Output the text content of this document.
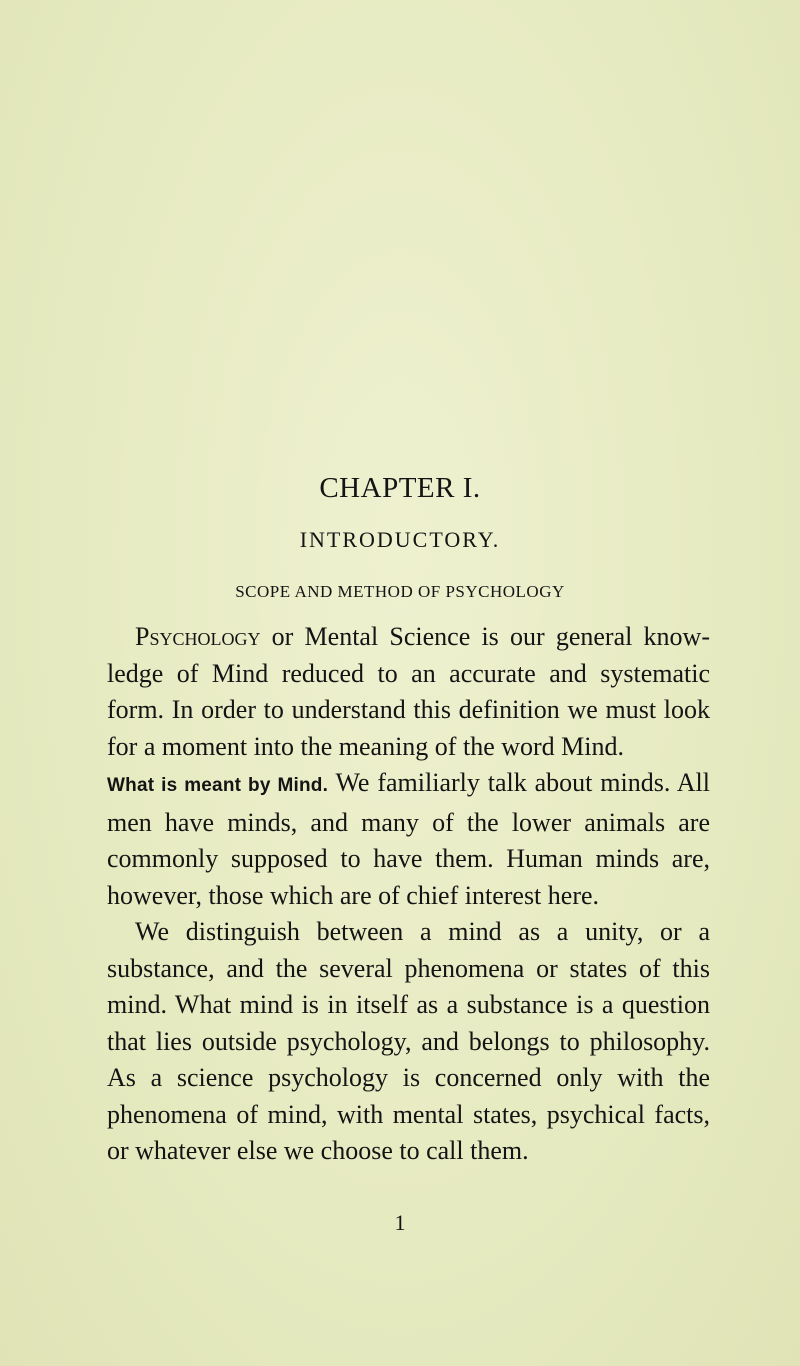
CHAPTER I.
INTRODUCTORY.
SCOPE AND METHOD OF PSYCHOLOGY

Psychology or Mental Science is our general know-ledge of Mind reduced to an accurate and systematic form. In order to understand this definition we must look for a moment into the meaning of the word Mind.

What is meant by Mind. We familiarly talk about minds. All men have minds, and many of the lower animals are commonly supposed to have them. Human minds are, however, those which are of chief interest here.

We distinguish between a mind as a unity, or a substance, and the several phenomena or states of this mind. What mind is in itself as a substance is a question that lies outside psychology, and belongs to philosophy. As a science psychology is concerned only with the phenomena of mind, with mental states, psychical facts, or whatever else we choose to call them.

1
